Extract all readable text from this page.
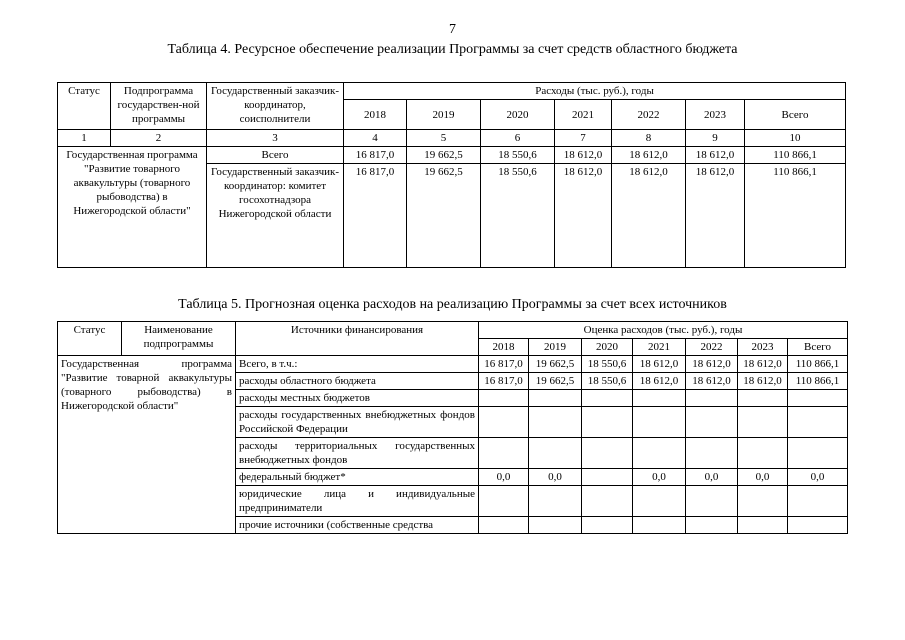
7
Таблица 4. Ресурсное обеспечение реализации Программы за счет средств областного бюджета
Статус	Подпрограмма государствен-ной программы	Государственный заказчик-координатор, соисполнители	Расходы (тыс. руб.), годы						
			2018	2019	2020	2021	2022	2023	Всего
1	2	3	4	5	6	7	8	9	10
Государственная программа "Развитие товарного аквакультуры (товарного рыбоводства) в Нижегородской области"		Всего	16 817,0	19 662,5	18 550,6	18 612,0	18 612,0	18 612,0	110 866,1
		Государственный заказчик-координатор: комитет госохотнадзора Нижегородской области	16 817,0	19 662,5	18 550,6	18 612,0	18 612,0	18 612,0	110 866,1
Таблица 5. Прогнозная оценка расходов на реализацию Программы за счет всех источников
Статус	Наименование подпрограммы	Источники финансирования	Оценка расходов (тыс. руб.), годы						
			2018	2019	2020	2021	2022	2023	Всего
Государственная программа "Развитие товарной аквакультуры (товарного рыбоводства) в Нижегородской области"		Всего, в т.ч.:	16 817,0	19 662,5	18 550,6	18 612,0	18 612,0	18 612,0	110 866,1
		расходы областного бюджета	16 817,0	19 662,5	18 550,6	18 612,0	18 612,0	18 612,0	110 866,1
		расходы местных бюджетов							
		расходы государственных внебюджетных фондов Российской Федерации							
		расходы территориальных государственных внебюджетных фондов							
		федеральный бюджет*	0,0	0,0		0,0	0,0	0,0	0,0
		юридические лица и индивидуальные предприниматели							
		прочие источники (собственные средства							
